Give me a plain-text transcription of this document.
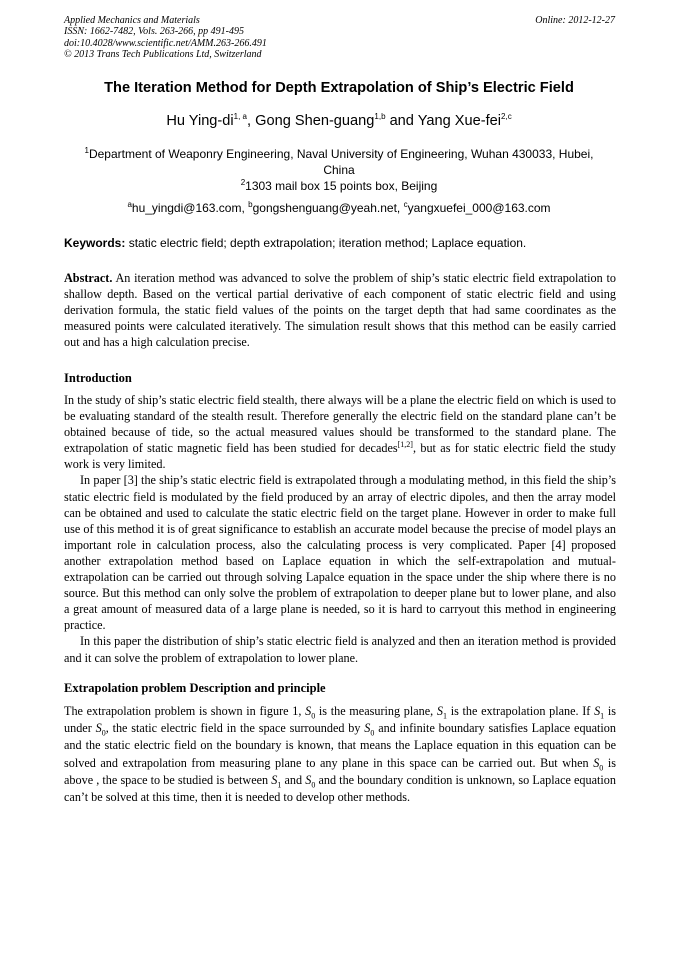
Applied Mechanics and Materials
ISSN: 1662-7482, Vols. 263-266, pp 491-495
doi:10.4028/www.scientific.net/AMM.263-266.491
© 2013 Trans Tech Publications Ltd, Switzerland
Online: 2012-12-27
The Iteration Method for Depth Extrapolation of Ship’s Electric Field
Hu Ying-di$^{1, a}$, Gong Shen-guang$^{1,b}$ and Yang Xue-fei$^{2,c}$
$^1$Department of Weaponry Engineering, Naval University of Engineering, Wuhan 430033, Hubei, China
$^2$1303 mail box 15 points box, Beijing
$^a$hu_yingdi@163.com, $^b$gongshenguang@yeah.net, $^c$yangxuefei_000@163.com
Keywords: static electric field; depth extrapolation; iteration method; Laplace equation.

Abstract. An iteration method was advanced to solve the problem of ship’s static electric field extrapolation to shallow depth. Based on the vertical partial derivative of each component of static electric field and using derivation formula, the static field values of the points on the target depth that had same coordinates as the measured points were calculated iteratively. The simulation result shows that this method can be easily carried out and has a high calculation precise.

Introduction

In the study of ship’s static electric field stealth, there always will be a plane the electric field on which is used to be evaluating standard of the stealth result. Therefore generally the electric field on the standard plane can’t be obtained because of tide, so the actual measured values should be transformed to the standard plane. The extrapolation of static magnetic field has been studied for decades[1,2], but as for static electric field the study work is very limited.

In paper [3] the ship’s static electric field is extrapolated through a modulating method, in this field the ship’s static electric field is modulated by the field produced by an array of electric dipoles, and then the array model can be obtained and used to calculate the static electric field on the target plane. However in order to make full use of this method it is of great significance to establish an accurate model because the precise of model plays an important role in calculation process, also the calculating process is very complicated. Paper [4] proposed another extrapolation method based on Laplace equation in which the self-extrapolation and mutual-extrapolation can be carried out through solving Lapalce equation in the space under the ship where there is no source. But this method can only solve the problem of extrapolation to deeper plane but to lower plane, and also a great amount of measured data of a large plane is needed, so it is hard to carryout this method in engineering practice.

In this paper the distribution of ship’s static electric field is analyzed and then an iteration method is provided and it can solve the problem of extrapolation to lower plane.

Extrapolation problem Description and principle

The extrapolation problem is shown in figure 1, $S_0$ is the measuring plane, $S_1$ is the extrapolation plane. If $S_1$ is under $S_0$, the static electric field in the space surrounded by $S_0$ and infinite boundary satisfies Laplace equation and the static electric field on the boundary is known, that means the Laplace equation in this equation can be solved and extrapolation from measuring plane to any plane in this space can be carried out. But when $S_0$ is above , the space to be studied is between $S_1$ and $S_0$ and the boundary condition is unknown, so Laplace equation can’t be solved at this time, then it is needed to develop other methods.
